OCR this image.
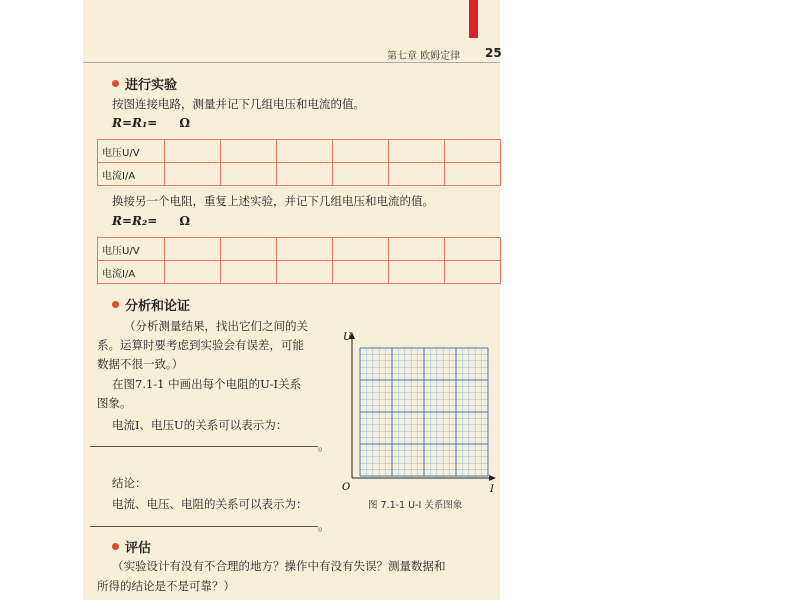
第七章 欧姆定律 25
进行实验
按图连接电路，测量并记下几组电压和电流的值。
R=R₁= Ω
电压U/V						
电流I/A						
换接另一个电阻，重复上述实验，并记下几组电压和电流的值。
R=R₂= Ω
电压U/V						
电流I/A						
分析和论证
（分析测量结果，找出它们之间的关
系。运算时要考虑到实验会有误差，可能
数据不很一致。）
在图7.1-1 中画出每个电阻的U-I关系
图象。
电流I、电压U的关系可以表示为：
。
结论：
电流、电压、电阻的关系可以表示为：
。
U
I
O
图 7.1-1 U-I 关系图象
评估
（实验设计有没有不合理的地方？操作中有没有失误？测量数据和
所得的结论是不是可靠？）
